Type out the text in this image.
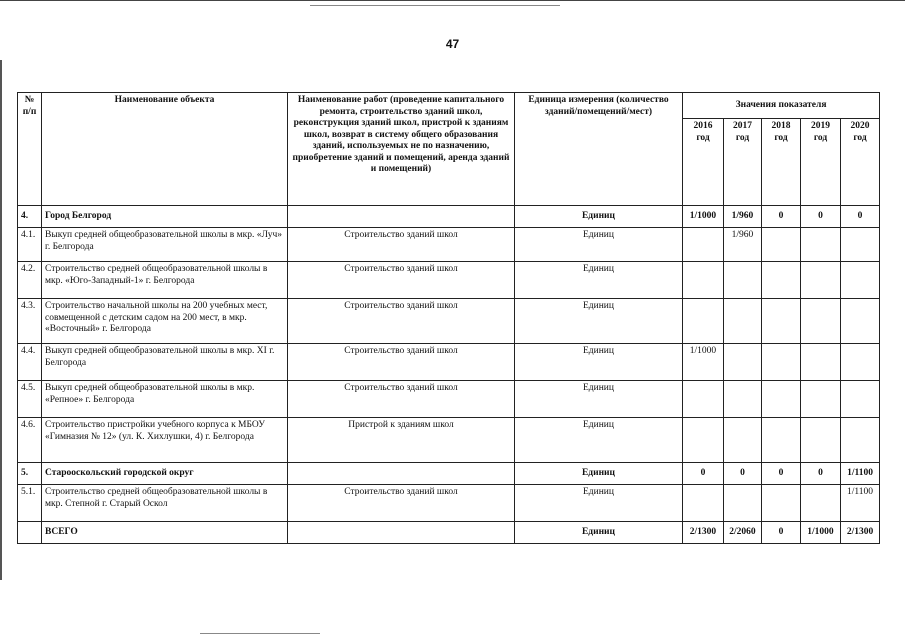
47
№ п/п	Наименование объекта	Наименование работ (проведение капитального ремонта, строительство зданий школ, реконструкция зданий школ, пристрой к зданиям школ, возврат в систему общего образования зданий, используемых не по назначению, приобретение зданий и помещений, аренда зданий и помещений)	Единица измерения (количество зданий/помещений/мест)	Значения показателя				
				2016 год	2017 год	2018 год	2019 год	2020 год
4.	Город Белгород		Единиц	1/1000	1/960	0	0	0
4.1.	Выкуп средней общеобразовательной школы в мкр. «Луч» г. Белгорода	Строительство зданий школ	Единиц		1/960			
4.2.	Строительство средней общеобразовательной школы в мкр. «Юго-Западный-1» г. Белгорода	Строительство зданий школ	Единиц					
4.3.	Строительство начальной школы на 200 учебных мест, совмещенной с детским садом на 200 мест, в мкр. «Восточный» г. Белгорода	Строительство зданий школ	Единиц					
4.4.	Выкуп средней общеобразовательной школы в мкр. XI г. Белгорода	Строительство зданий школ	Единиц	1/1000				
4.5.	Выкуп средней общеобразовательной школы в мкр. «Репное» г. Белгорода	Строительство зданий школ	Единиц					
4.6.	Строительство пристройки учебного корпуса к МБОУ «Гимназия № 12» (ул. К. Хихлушки, 4) г. Белгорода	Пристрой к зданиям школ	Единиц					
5.	Старооскольский городской округ		Единиц	0	0	0	0	1/1100
5.1.	Строительство средней общеобразовательной школы в мкр. Степной г. Старый Оскол	Строительство зданий школ	Единиц					1/1100
	ВСЕГО		Единиц	2/1300	2/2060	0	1/1000	2/1300
